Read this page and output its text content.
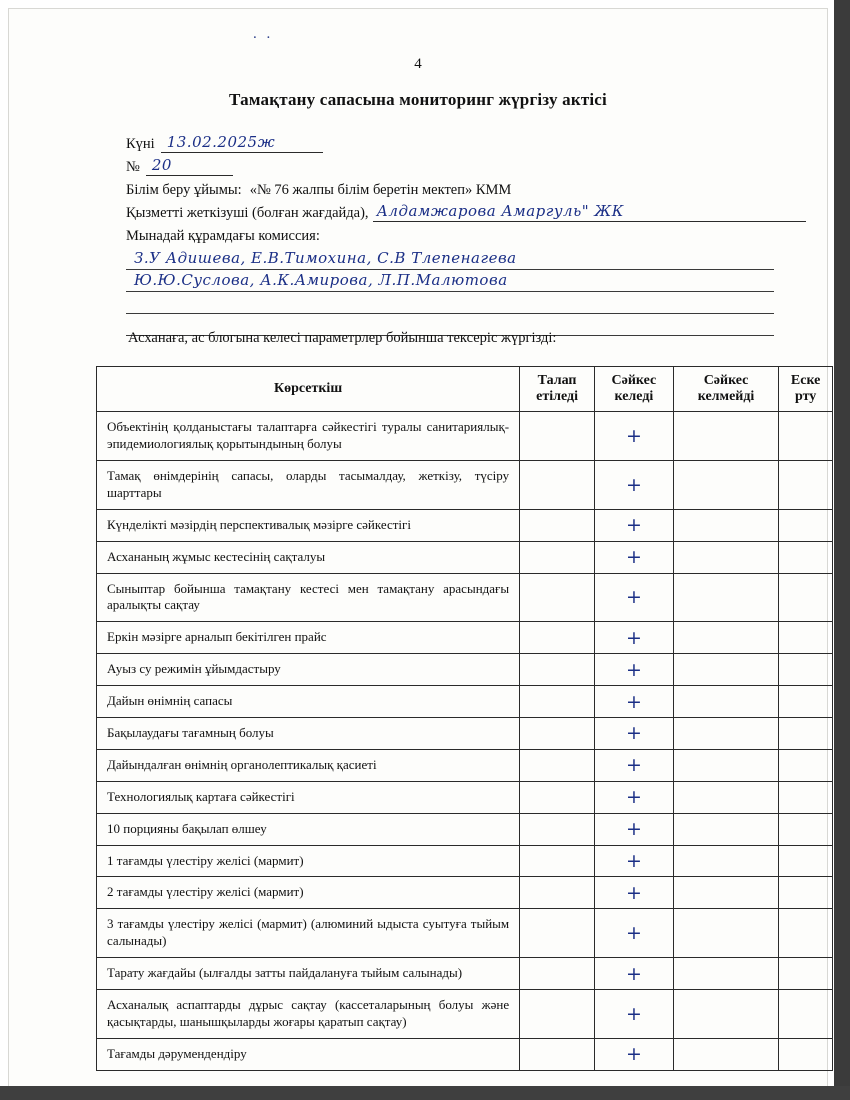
. .
4
Тамақтану сапасына мониторинг жүргізу актісі
Күні 13.02.2025ж
№ 20
Білім беру ұйымы: «№ 76 жалпы білім беретін мектеп» КММ
Қызметті жеткізуші (болған жағдайда), Алдамжарова Амаргуль" ЖК
Мынадай құрамдағы комиссия:
З.У Адишева, Е.В.Тимохина, С.В Тлепенагева
Ю.Ю.Суслова, А.К.Амирова, Л.П.Малютова
Асханаға, ас блогына келесі параметрлер бойынша тексеріс жүргізді:
Көрсеткіш	Талап етіледі	Сәйкес келеді	Сәйкес келмейді	Еске рту
Объектінің қолданыстағы талаптарға сәйкестігі туралы санитариялық-эпидемиологиялық қорытындының болуы		+		
Тамақ өнімдерінің сапасы, оларды тасымалдау, жеткізу, түсіру шарттары		+		
Күнделікті мәзірдің перспективалық мәзірге сәйкестігі		+		
Асхананың жұмыс кестесінің сақталуы		+		
Сыныптар бойынша тамақтану кестесі мен тамақтану арасындағы аралықты сақтау		+		
Еркін мәзірге арналып бекітілген прайс		+		
Ауыз су режимін ұйымдастыру		+		
Дайын өнімнің сапасы		+		
Бақылаудағы тағамның болуы		+		
Дайындалған өнімнің органолептикалық қасиеті		+		
Технологиялық картаға сәйкестігі		+		
10 порцияны бақылап өлшеу		+		
1 тағамды үлестіру желісі (мармит)		+		
2 тағамды үлестіру желісі (мармит)		+		
3 тағамды үлестіру желісі (мармит) (алюминий ыдыста суытуға тыйым салынады)		+		
Тарату жағдайы (ылғалды затты пайдалануға тыйым салынады)		+		
Асханалық аспаптарды дұрыс сақтау (кассеталарының болуы және қасықтарды, шанышқыларды жоғары қаратып сақтау)		+		
Тағамды дәрумендендіру		+		
